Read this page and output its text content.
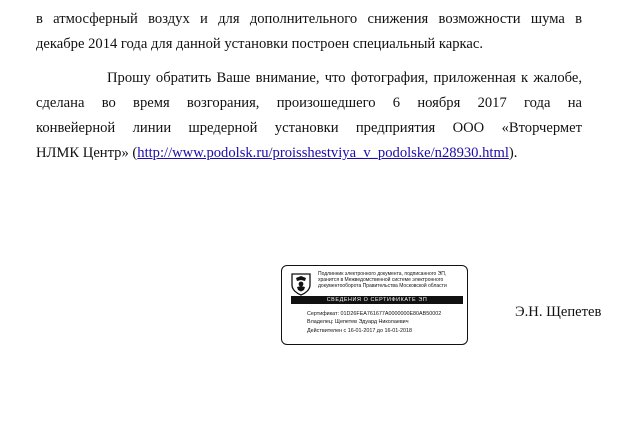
в атмосферный воздух и для дополнительного снижения возможности шума в
декабре 2014 года для данной установки построен специальный каркас.

Прошу обратить Ваше внимание, что фотография, приложенная к жалобе,
сделана во время возгорания, произошедшего 6 ноября 2017 года на
конвейерной линии шредерной установки предприятия ООО «Вторчермет
НЛМК Центр» (http://www.podolsk.ru/proisshestviya_v_podolske/n28930.html).

Подлинник электронного документа, подписанного ЭП,
хранится в Межведомственной системе электронного
документооборота Правительства Московской области
СВЕДЕНИЯ О СЕРТИФИКАТЕ ЭП
Сертификат: 01D26FEA761677A0000000E80AB50002
Владелец: Щепетев Эдуард Николаевич
Действителен с 16-01-2017 до 16-01-2018
Э.Н. Щепетев
